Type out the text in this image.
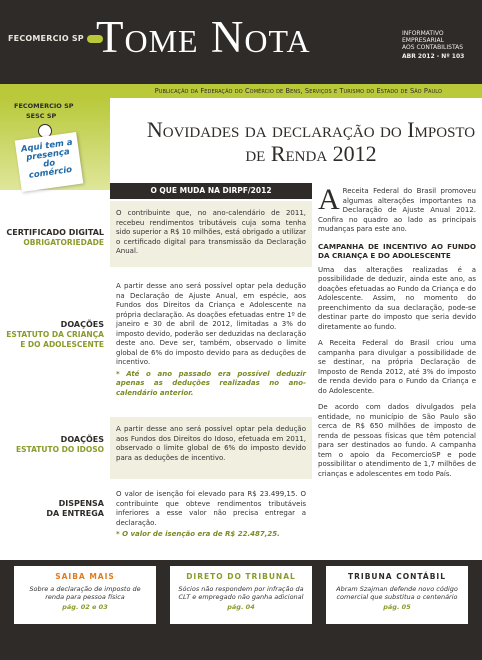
FECOMERCIO SP Tome Nota	INFORMATIVO
EMPRESARIAL
AOS CONTABILISTAS
ABR 2012 - Nº 103
Publicação da Federação do Comércio de Bens, Serviços e Turismo do Estado de São Paulo
FECOMERCIO SP
SESC SP
Aqui tem a presença do comércio
Novidades da declaração do Imposto de Renda 2012
O QUE MUDA NA DIRPF/2012
CERTIFICADO DIGITAL
OBRIGATORIEDADE
O contribuinte que, no ano-calendário de 2011, recebeu rendimentos tributáveis cuja soma tenha sido superior a R$ 10 milhões, está obrigado a utilizar o certificado digital para transmissão da Declaração Anual.
DOAÇÕES
ESTATUTO DA CRIANÇA E DO ADOLESCENTE
A partir desse ano será possível optar pela dedução na Declaração de Ajuste Anual, em espécie, aos Fundos dos Direitos da Criança e Adolescente na própria declaração. As doações efetuadas entre 1º de janeiro e 30 de abril de 2012, limitadas a 3% do imposto devido, poderão ser deduzidas na declaração deste ano. Deve ser, também, observado o limite global de 6% do imposto devido para as deduções de incentivo.
* Até o ano passado era possível deduzir apenas as deduções realizadas no ano-calendário anterior.
DOAÇÕES
ESTATUTO DO IDOSO
A partir desse ano será possível optar pela dedução aos Fundos dos Direitos do Idoso, efetuada em 2011, observado o limite global de 6% do imposto devido para as deduções de incentivo.
DISPENSA
DA ENTREGA
O valor de isenção foi elevado para R$ 23.499,15. O contribuinte que obteve rendimentos tributáveis inferiores a esse valor não precisa entregar a declaração.
* O valor de isenção era de R$ 22.487,25.

A Receita Federal do Brasil promoveu algumas alterações importantes na Declaração de Ajuste Anual 2012. Confira no quadro ao lado as principais mudanças para este ano.

CAMPANHA DE INCENTIVO AO FUNDO DA CRIANÇA E DO ADOLESCENTE

Uma das alterações realizadas é a possibilidade de deduzir, ainda este ano, as doações efetuadas ao Fundo da Criança e do Adolescente. Assim, no momento do preenchimento da sua declaração, pode-se destinar parte do imposto que seria devido diretamente ao fundo.

A Receita Federal do Brasil criou uma campanha para divulgar a possibilidade de se destinar, na própria Declaração de Imposto de Renda 2012, até 3% do imposto de renda devido para o Fundo da Criança e do Adolescente.

De acordo com dados divulgados pela entidade, no município de São Paulo são cerca de R$ 650 milhões de imposto de renda de pessoas físicas que têm potencial para ser destinados ao fundo. A campanha tem o apoio da FecomercioSP e pode possibilitar o atendimento de 1,7 milhões de crianças e adolescentes em todo País.

SAIBA MAIS
Sobre a declaração de imposto de renda para pessoa física
pág. 02 e 03
DIRETO DO TRIBUNAL
Sócios não respondem por infração da CLT e empregado não ganha adicional
pág. 04
TRIBUNA CONTÁBIL
Abram Szajman defende novo código comercial que substitua o centenário
pág. 05
